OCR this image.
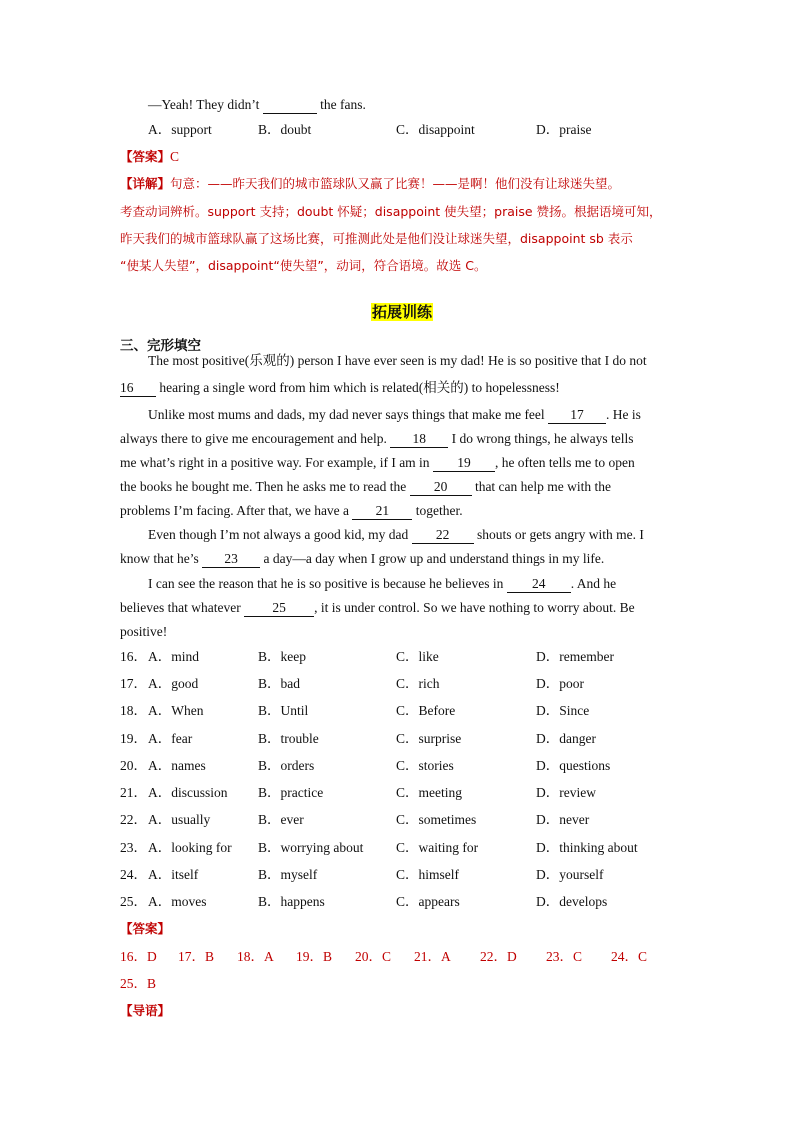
—Yeah! They didn’t	the fans.
A．support	B．doubt	C．disappoint	D．praise
【答案】C
【详解】句意：——昨天我们的城市篮球队又赢了比赛！——是啊！他们没有让球迷失望。
考查动词辨析。support 支持；doubt 怀疑；disappoint 使失望；praise 赞扬。根据语境可知，
昨天我们的城市篮球队赢了这场比赛，可推测此处是他们没让球迷失望，disappoint sb 表示
“使某人失望”，disappoint“使失望”，动词，符合语境。故选 C。
拓展训练
三、完形填空
The most positive(乐观的) person I have ever seen is my dad! He is so positive that I do not
16 hearing a single word from him which is related(相关的) to hopelessness!
Unlike most mums and dads, my dad never says things that make me feel 17 . He is
always there to give me encouragement and help. 18 I do wrong things, he always tells
me what’s right in a positive way. For example, if I am in 19 , he often tells me to open
the books he bought me. Then he asks me to read the 20 that can help me with the
problems I’m facing. After that, we have a 21 together.
Even though I’m not always a good kid, my dad 22 shouts or gets angry with me. I
know that he’s 23 a day—a day when I grow up and understand things in my life.
I can see the reason that he is so positive is because he believes in 24 . And he
believes that whatever 25 , it is under control. So we have nothing to worry about. Be
positive!
16． A．mind	B．keep	C．like	D．remember
17． A．good	B．bad	C．rich	D．poor
18． A．When	B．Until	C．Before	D．Since
19． A．fear	B．trouble	C．surprise	D．danger
20． A．names	B．orders	C．stories	D．questions
21． A．discussion B．practice	C．meeting	D．review
22． A．usually	B．ever	C．sometimes	D．never
23． A．looking for B．worrying about C．waiting for	D．thinking about
24． A．itself	B．myself	C．himself	D．yourself
25． A．moves	B．happens	C．appears	D．develops
【答案】
16．D 17．B 18．A 19．B 20．C 21．A 22．D 23．C 24．C
25．B
【导语】
